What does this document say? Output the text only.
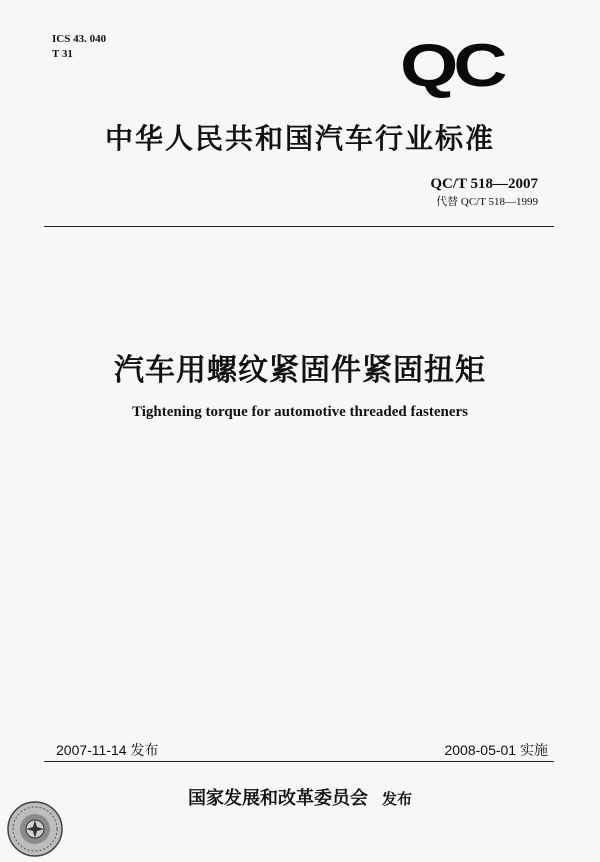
ICS 43. 040
T 31	QC
中华人民共和国汽车行业标准
QC/T 518—2007
代替 QC/T 518—1999
汽车用螺纹紧固件紧固扭矩
Tightening torque for automotive threaded fasteners
2007-11-14 发布	2008-05-01 实施
国家发展和改革委员会 发布
